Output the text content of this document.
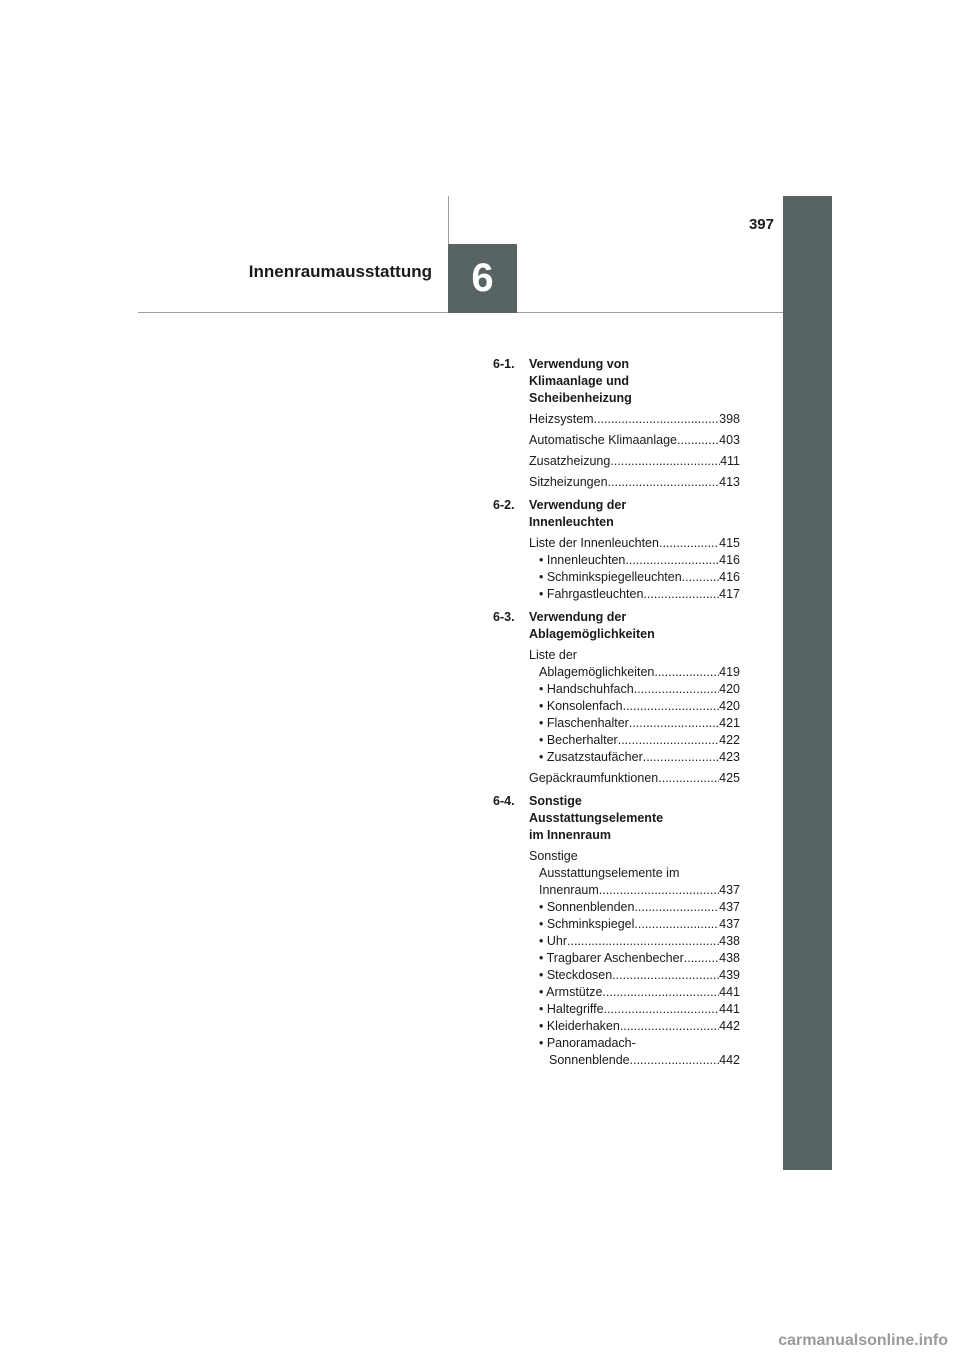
Innenraumausstattung 6
397
6-1.	Verwendung von
Klimaanlage und
Scheibenheizung
Heizsystem .....	398
Automatische Klimaanlage .....	403
Zusatzheizung .....	411
Sitzheizungen .....	413
6-2.	Verwendung der
Innenleuchten
Liste der Innenleuchten .....	415
• Innenleuchten .....	416
• Schminkspiegelleuchten .....	416
• Fahrgastleuchten .....	417
6-3.	Verwendung der
Ablagemöglichkeiten
Liste der
Ablagemöglichkeiten .....	419
• Handschuhfach .....	420
• Konsolenfach .....	420
• Flaschenhalter .....	421
• Becherhalter .....	422
• Zusatzstaufächer .....	423
Gepäckraumfunktionen .....	425
6-4.	Sonstige
Ausstattungselemente
im Innenraum
Sonstige
Ausstattungselemente im
Innenraum .....	437
• Sonnenblenden .....	437
• Schminkspiegel .....	437
• Uhr .....	438
• Tragbarer Aschenbecher .....	438
• Steckdosen .....	439
• Armstütze .....	441
• Haltegriffe .....	441
• Kleiderhaken .....	442
• Panoramadach-
Sonnenblende .....	442
carmanualsonline.info
